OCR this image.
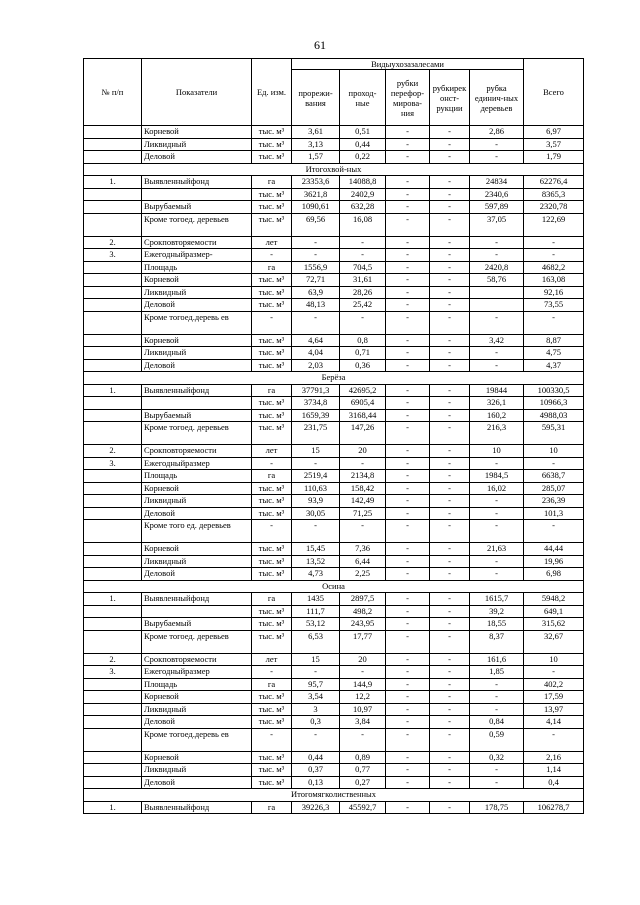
61
№ п/п	Показатели	Ед. изм.	Видыухозазалесами					Всего
			прорежи-вания	проход-ные	рубки перефор-мирова-ния	рубкирек онст-рукции	рубка единич-ных деревьев	
	Корневой	тыс. м³	3,61	0,51	-	-	2,86	6,97
	Ликвидный	тыс. м³	3,13	0,44	-	-	-	3,57
	Деловой	тыс. м³	1,57	0,22	-	-	-	1,79
Итогохвой-ных								
1.	Выявленныйфонд	га	23353,6	14088,8	-	-	24834	62276,4
		тыс. м³	3621,8	2402,9	-	-	2340,6	8365,3
	Вырубаемый	тыс. м³	1090,61	632,28	-	-	597,89	2320,78
	Кроме тогоед. деревьев	тыс. м³	69,56	16,08	-	-	37,05	122,69
2.	Срокповторяемости	лет	-	-	-	-	-	-
3.	Ежегодныйразмер-	-	-	-	-	-	-	-
	Площадь	га	1556,9	704,5	-	-	2420,8	4682,2
	Корневой	тыс. м³	72,71	31,61	-	-	58,76	163,08
	Ликвидный	тыс. м³	63,9	28,26	-	-		92,16
	Деловой	тыс. м³	48,13	25,42	-	-		73,55
	Кроме тогоед.деревь ев	-	-	-	-	-	-	-
	Корневой	тыс. м³	4,64	0,8	-	-	3,42	8,87
	Ликвидный	тыс. м³	4,04	0,71	-	-	-	4,75
	Деловой	тыс. м³	2,03	0,36	-	-	-	4,37
Берёза								
1.	Выявленныйфонд	га	37791,3	42695,2	-	-	19844	100330,5
		тыс. м³	3734,8	6905,4	-	-	326,1	10966,3
	Вырубаемый	тыс. м³	1659,39	3168,44	-	-	160,2	4988,03
	Кроме тогоед. деревьев	тыс. м³	231,75	147,26	-	-	216,3	595,31
2.	Срокповторяемости	лет	15	20	-	-	10	10
3.	Ежегодныйразмер	-	-	-	-	-	-	-
	Площадь	га	2519,4	2134,8	-	-	1984,5	6638,7
	Корневой	тыс. м³	110,63	158,42	-	-	16,02	285,07
	Ликвидный	тыс. м³	93,9	142,49	-	-	-	236,39
	Деловой	тыс. м³	30,05	71,25	-	-	-	101,3
	Кроме того ед. деревьев	-	-	-	-	-	-	-
	Корневой	тыс. м³	15,45	7,36	-	-	21,63	44,44
	Ликвидный	тыс. м³	13,52	6,44	-	-	-	19,96
	Деловой	тыс. м³	4,73	2,25	-	-	-	6,98
Осина								
1.	Выявленныйфонд	га	1435	2897,5	-	-	1615,7	5948,2
		тыс. м³	111,7	498,2	-	-	39,2	649,1
	Вырубаемый	тыс. м³	53,12	243,95	-	-	18,55	315,62
	Кроме тогоед. деревьев	тыс. м³	6,53	17,77	-	-	8,37	32,67
2.	Срокповторяемости	лет	15	20	-	-	161,6	10
3.	Ежегодныйразмер	-	-	-	-	-	1,85	-
	Площадь	га	95,7	144,9	-	-	-	402,2
	Корневой	тыс. м³	3,54	12,2	-	-	-	17,59
	Ликвидный	тыс. м³	3	10,97	-	-	-	13,97
	Деловой	тыс. м³	0,3	3,84	-	-	0,84	4,14
	Кроме тогоед.деревь ев	-	-	-	-	-	0,59	-
	Корневой	тыс. м³	0,44	0,89	-	-	0,32	2,16
	Ликвидный	тыс. м³	0,37	0,77	-	-	-	1,14
	Деловой	тыс. м³	0,13	0,27	-	-	-	0,4
Итогомягколиственных								
1.	Выявленныйфонд	га	39226,3	45592,7	-	-	178,75	106278,7
